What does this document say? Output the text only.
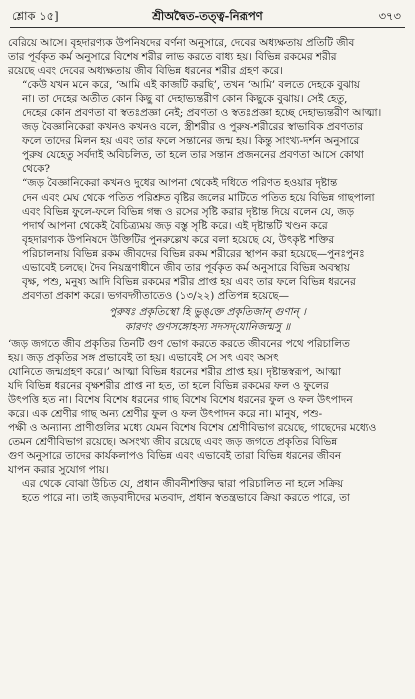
শ্লোক ১৫]	শ্রীঅদ্বৈত-তত্ত্ব-নিরূপণ	৩৭৩
বেরিয়ে আসে। বৃহদারণ্যক উপনিষদের বর্ণনা অনুসারে, দেবের অধ্যক্ষতায় প্রতিটি জীব
তার পূর্বকৃত কর্ম অনুসারে বিশেষ শরীর লাভ করতে বাধ্য হয়। বিভিন্ন রকমের শরীর
রয়েছে এবং দেবের অধ্যক্ষতায় জীব বিভিন্ন ধরনের শরীর গ্রহণ করে।
“কেউ যখন মনে করে, ‘আমি এই কাজটি করছি’, তখন ‘আমি’ বলতে দেহকে বুঝায়
না। তা দেহের অতীত কোন কিছু বা দেহাভ্যন্তরীণ কোন কিছুকে বুঝায়। সেই হেতু,
দেহের কোন প্রবণতা বা স্বতঃপ্রজ্ঞা নেই; প্রবণতা ও স্বতঃপ্রজ্ঞা হচ্ছে দেহাভ্যন্তরীণ আত্মা।
জড় বৈজ্ঞানিকেরা কখনও কখনও বলে, স্ত্রীশরীর ও পুরুষ-শরীরের স্বাভাবিক প্রবণতার
ফলে তাদের মিলন হয় এবং তার ফলে সন্তানের জন্ম হয়। কিন্তু সাংখ্য-দর্শন অনুসারে
পুরুষ যেহেতু সর্বদাই অবিচলিত, তা হলে তার সন্তান প্রজননের প্রবণতা আসে কোথা
থেকে?
“জড় বৈজ্ঞানিকেরা কখনও দুধের আপনা থেকেই দধিতে পরিণত হওয়ার দৃষ্টান্ত
দেন এবং মেঘ থেকে পতিত পরিশ্রুত বৃষ্টির জলের মাটিতে পতিত হয়ে বিভিন্ন গাছপালা
এবং বিভিন্ন ফুলে-ফলে বিভিন্ন গন্ধ ও রসের সৃষ্টি করার দৃষ্টান্ত দিয়ে বলেন যে, জড়
পদার্থ আপনা থেকেই বৈচিত্র্যময় জড় বস্তু সৃষ্টি করে। এই দৃষ্টান্তটি খণ্ডন করে
বৃহদারণ্যক উপনিষদে উক্তিটির পুনরুল্লেখ করে বলা হয়েছে যে, উৎকৃষ্ট শক্তির
পরিচালনায় বিভিন্ন রকম জীবদের বিভিন্ন রকম শরীরের স্থাপন করা হয়েছে—পুনঃপুনঃ
এভাবেই চলছে। দৈব নিয়ন্ত্রণাধীনে জীব তার পূর্বকৃত কর্ম অনুসারে বিভিন্ন অবস্থায়
বৃক্ষ, পশু, মনুষ্য আদি বিভিন্ন রকমের শরীর প্রাপ্ত হয় এবং তার ফলে বিভিন্ন ধরনের
প্রবণতা প্রকাশ করে। ভগবদ্গীতাতেও (১৩/২২) প্রতিপন্ন হয়েছে—
পুরুষঃ প্রকৃতিস্থো হি ভুঙ্‌ক্তে প্রকৃতিজান্ গুণান্ ।
কারণং গুণসঙ্গোহস্য সদসদ্‌যোনিজন্মসু ॥
‘জড় জগতে জীব প্রকৃতির তিনটি গুণ ভোগ করতে করতে জীবনের পথে পরিচালিত
হয়। জড় প্রকৃতির সঙ্গ প্রভাবেই তা হয়। এভাবেই সে সৎ এবং অসৎ
যোনিতে জন্মগ্রহণ করে।’ আত্মা বিভিন্ন ধরনের শরীর প্রাপ্ত হয়। দৃষ্টান্তস্বরূপ, আত্মা
যদি বিভিন্ন ধরনের বৃক্ষশরীর প্রাপ্ত না হত, তা হলে বিভিন্ন রকমের ফল ও ফুলের
উৎপত্তি হত না। বিশেষ বিশেষ ধরনের গাছ বিশেষ বিশেষ ধরনের ফুল ও ফল উৎপাদন
করে। এক শ্রেণীর গাছ অন্য শ্রেণীর ফুল ও ফল উৎপাদন করে না। মানুষ, পশু-
পক্ষী ও অন্যান্য প্রাণীগুলির মধ্যে যেমন বিশেষ বিশেষ শ্রেণীবিভাগ রয়েছে, গাছেদের মধ্যেও
তেমন শ্রেণীবিভাগ রয়েছে। অসংখ্য জীব রয়েছে এবং জড় জগতে প্রকৃতির বিভিন্ন
গুণ অনুসারে তাদের কার্যকলাপও বিভিন্ন এবং এভাবেই তারা বিভিন্ন ধরনের জীবন
যাপন করার সুযোগ পায়।
এর থেকে বোঝা উচিত যে, প্রধান জীবনীশক্তির দ্বারা পরিচালিত না হলে সক্রিয়
হতে পারে না। তাই জড়বাদীদের মতবাদ, প্রধান স্বতন্ত্রভাবে ক্রিয়া করতে পারে, তা
